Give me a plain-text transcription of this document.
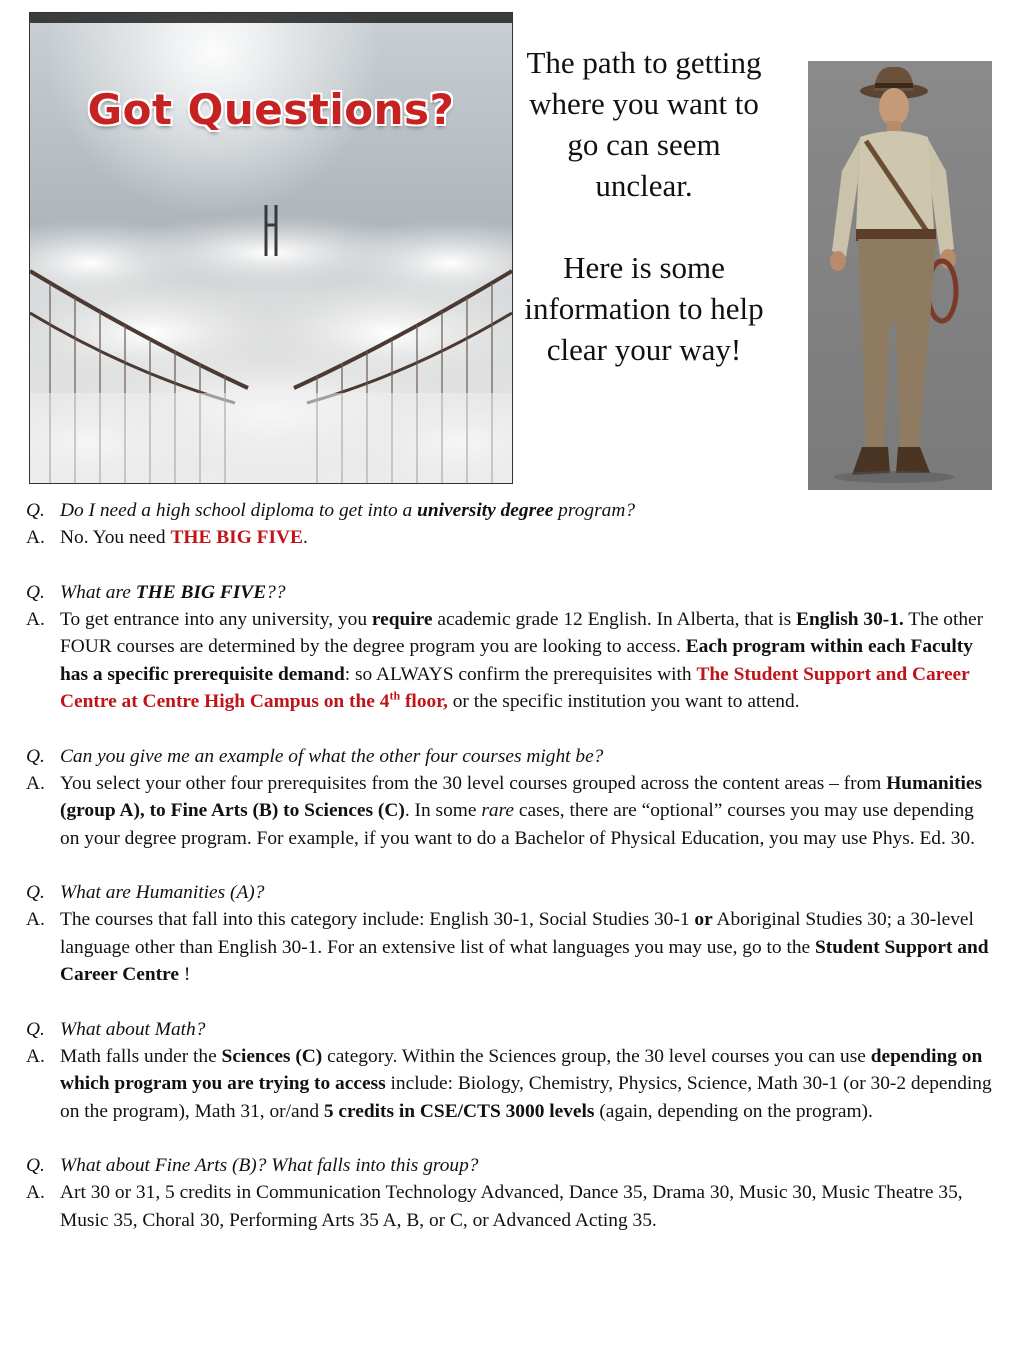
Got Questions?

The path to getting where you want to go can seem unclear.

Here is some information to help clear your way!

Q. Do I need a high school diploma to get into a university degree program?
A. No. You need THE BIG FIVE.
Q. What are THE BIG FIVE??
A. To get entrance into any university, you require academic grade 12 English. In Alberta, that is English 30-1. The other FOUR courses are determined by the degree program you are looking to access. Each program within each Faculty has a specific prerequisite demand: so ALWAYS confirm the prerequisites with The Student Support and Career Centre at Centre High Campus on the 4th floor, or the specific institution you want to attend.
Q. Can you give me an example of what the other four courses might be?
A. You select your other four prerequisites from the 30 level courses grouped across the content areas – from Humanities (group A), to Fine Arts (B) to Sciences (C). In some rare cases, there are “optional” courses you may use depending on your degree program. For example, if you want to do a Bachelor of Physical Education, you may use Phys. Ed. 30.
Q. What are Humanities (A)?
A. The courses that fall into this category include: English 30-1, Social Studies 30-1 or Aboriginal Studies 30; a 30-level language other than English 30-1. For an extensive list of what languages you may use, go to the Student Support and Career Centre !
Q. What about Math?
A. Math falls under the Sciences (C) category. Within the Sciences group, the 30 level courses you can use depending on which program you are trying to access include: Biology, Chemistry, Physics, Science, Math 30-1 (or 30-2 depending on the program), Math 31, or/and 5 credits in CSE/CTS 3000 levels (again, depending on the program).
Q. What about Fine Arts (B)? What falls into this group?
A. Art 30 or 31, 5 credits in Communication Technology Advanced, Dance 35, Drama 30, Music 30, Music Theatre 35, Music 35, Choral 30, Performing Arts 35 A, B, or C, or Advanced Acting 35.
